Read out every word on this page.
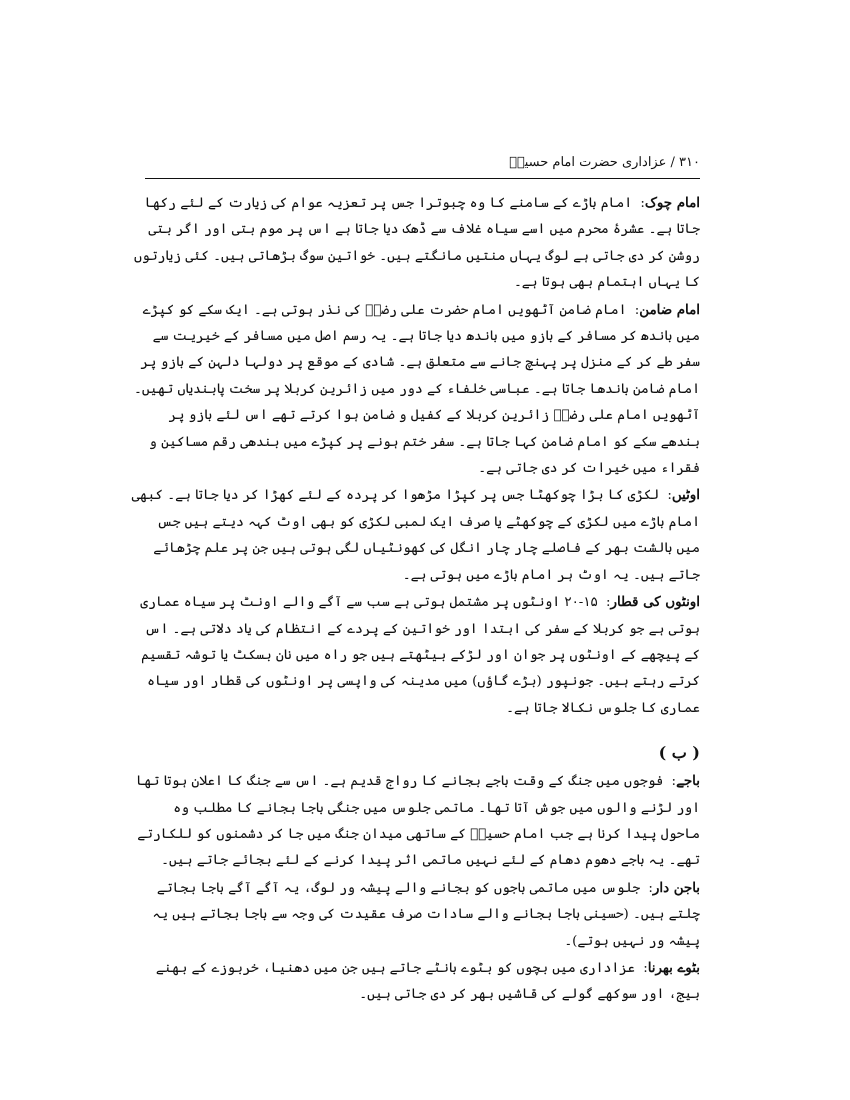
۳۱۰ / عزاداری حضرت امام حسینؑ

امام چوک: امام باڑے کے سامنے کا وہ چبوترا جس پر تعزیہ عوام کی زیارت کے لئے رکھا جاتا ہے۔ عشرۂ محرم میں اسے سیاہ غلاف سے ڈھک دیا جاتا ہے اس پر موم بتی اور اگر بتی روشن کر دی جاتی ہے لوگ یہاں منتیں مانگتے ہیں۔ خواتین سوگ بڑھاتی ہیں۔ کئی زیارتوں کا یہاں اہتمام بھی ہوتا ہے۔

امام ضامن: امام ضامن آٹھویں امام حضرت علی رضاؑ کی نذر ہوتی ہے۔ ایک سکے کو کپڑے میں باندھ کر مسافر کے بازو میں باندھ دیا جاتا ہے۔ یہ رسم اصل میں مسافر کے خیریت سے سفر طے کر کے منزل پر پہنچ جانے سے متعلق ہے۔ شادی کے موقع پر دولہا دلہن کے بازو پر امام ضامن باندھا جاتا ہے۔ عباسی خلفاء کے دور میں زائرین کربلا پر سخت پابندیاں تھیں۔ آٹھویں امام علی رضاؑ زائرین کربلا کے کفیل و ضامن ہوا کرتے تھے اس لئے بازو پر بندھے سکے کو امام ضامن کہا جاتا ہے۔ سفر ختم ہونے پر کپڑے میں بندھی رقم مساکین و فقراء میں خیرات کر دی جاتی ہے۔

اوٹیں: لکڑی کا بڑا چوکھٹا جس پر کپڑا مڑھوا کر پردہ کے لئے کھڑا کر دیا جاتا ہے۔ کبھی امام باڑے میں لکڑی کے چوکھٹے یا صرف ایک لمبی لکڑی کو بھی اوٹ کہہ دیتے ہیں جس میں بالشت بھر کے فاصلے چار چار انگل کی کھونٹیاں لگی ہوتی ہیں جن پر علم چڑھائے جاتے ہیں۔ یہ اوٹ ہر امام باڑے میں ہوتی ہے۔

اونٹوں کی قطار: ۱۵-۲۰ اونٹوں پر مشتمل ہوتی ہے سب سے آگے والے اونٹ پر سیاہ عماری ہوتی ہے جو کربلا کے سفر کی ابتدا اور خواتین کے پردے کے انتظام کی یاد دلاتی ہے۔ اس کے پیچھے کے اونٹوں پر جوان اور لڑکے بیٹھتے ہیں جو راہ میں نان بسکٹ یا توشہ تقسیم کرتے رہتے ہیں۔ جونپور (بڑے گاؤں) میں مدینہ کی واپسی پر اونٹوں کی قطار اور سیاہ عماری کا جلوس نکالا جاتا ہے۔

( ب )

باجے: فوجوں میں جنگ کے وقت باجے بجانے کا رواج قدیم ہے۔ اس سے جنگ کا اعلان ہوتا تھا اور لڑنے والوں میں جوش آتا تھا۔ ماتمی جلوس میں جنگی باجا بجانے کا مطلب وہ ماحول پیدا کرنا ہے جب امام حسینؑ کے ساتھی میدان جنگ میں جا کر دشمنوں کو للکارتے تھے۔ یہ باجے دھوم دھام کے لئے نہیں ماتمی اثر پیدا کرنے کے لئے بجائے جاتے ہیں۔

باجن دار: جلوس میں ماتمی باجوں کو بجانے والے پیشہ ور لوگ، یہ آگے آگے باجا بجاتے چلتے ہیں۔ (حسینی باجا بجانے والے سادات صرف عقیدت کی وجہ سے باجا بجاتے ہیں یہ پیشہ ور نہیں ہوتے)۔

بٹوے بھرنا: عزاداری میں بچوں کو بٹوے بانٹے جاتے ہیں جن میں دھنیا، خربوزے کے بھنے بیج، اور سوکھے گولے کی قاشیں بھر کر دی جاتی ہیں۔
